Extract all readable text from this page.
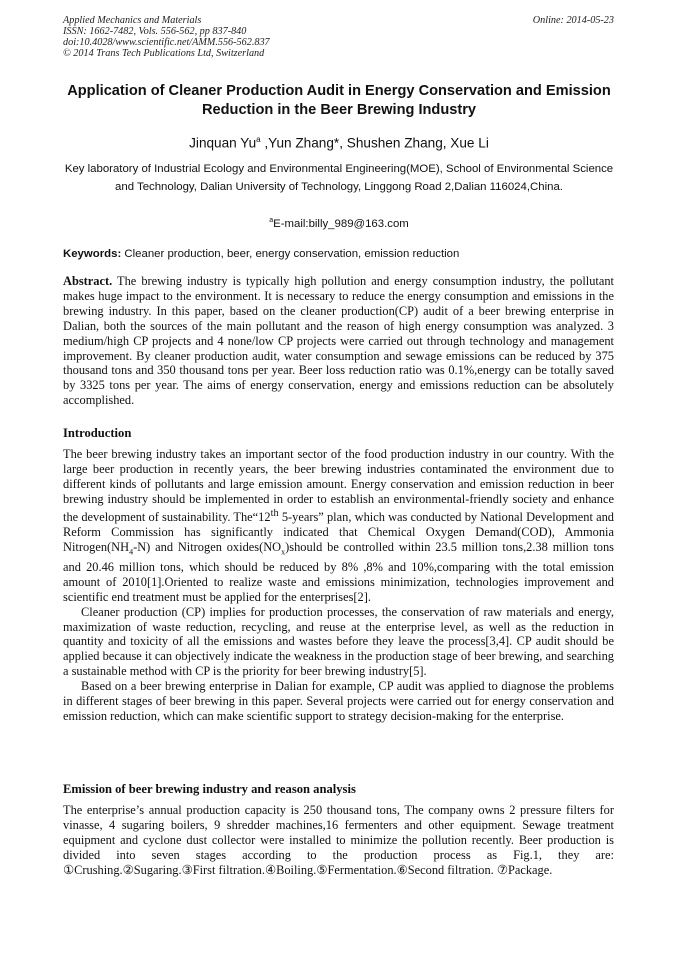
Applied Mechanics and Materials
ISSN: 1662-7482, Vols. 556-562, pp 837-840
doi:10.4028/www.scientific.net/AMM.556-562.837
© 2014 Trans Tech Publications Ltd, Switzerland
Online: 2014-05-23
Application of Cleaner Production Audit in Energy Conservation and Emission Reduction in the Beer Brewing Industry
Jinquan Yu$^a$ ,Yun Zhang*, Shushen Zhang, Xue Li
Key laboratory of Industrial Ecology and Environmental Engineering(MOE), School of Environmental Science and Technology, Dalian University of Technology, Linggong Road 2,Dalian 116024,China.
$^a$E-mail:billy_989@163.com
Keywords: Cleaner production, beer, energy conservation, emission reduction
Abstract. The brewing industry is typically high pollution and energy consumption industry, the pollutant makes huge impact to the environment. It is necessary to reduce the energy consumption and emissions in the brewing industry. In this paper, based on the cleaner production(CP) audit of a beer brewing enterprise in Dalian, both the sources of the main pollutant and the reason of high energy consumption was analyzed. 3 medium/high CP projects and 4 none/low CP projects were carried out through technology and management improvement. By cleaner production audit, water consumption and sewage emissions can be reduced by 375 thousand tons and 350 thousand tons per year. Beer loss reduction ratio was 0.1%,energy can be totally saved by 3325 tons per year. The aims of energy conservation, energy and emissions reduction can be absolutely accomplished.
Introduction

The beer brewing industry takes an important sector of the food production industry in our country. With the large beer production in recently years, the beer brewing industries contaminated the environment due to different kinds of pollutants and large emission amount. Energy conservation and emission reduction in beer brewing industry should be implemented in order to establish an environmental-friendly society and enhance the development of sustainability. The“12th 5-years” plan, which was conducted by National Development and Reform Commission has significantly indicated that Chemical Oxygen Demand(COD), Ammonia $Nitrogen(NH_4-N)$ and Nitrogen $oxides(NO_x)should$ be controlled within 23.5 million tons,2.38 million tons and 20.46 million tons, which should be reduced by 8% ,8% and 10%,comparing with the total emission amount of 2010[1].Oriented to realize waste and emissions minimization, technologies improvement and scientific end treatment must be applied for the enterprises[2].

Cleaner production (CP) implies for production processes, the conservation of raw materials and energy, maximization of waste reduction, recycling, and reuse at the enterprise level, as well as the reduction in quantity and toxicity of all the emissions and wastes before they leave the process[3,4]. CP audit should be applied because it can objectively indicate the weakness in the production stage of beer brewing, and searching a sustainable method with CP is the priority for beer brewing industry[5].

Based on a beer brewing enterprise in Dalian for example, CP audit was applied to diagnose the problems in different stages of beer brewing in this paper. Several projects were carried out for energy conservation and emission reduction, which can make scientific support to strategy decision-making for the enterprise.

Emission of beer brewing industry and reason analysis

The enterprise’s annual production capacity is 250 thousand tons, The company owns 2 pressure filters for vinasse, 4 sugaring boilers, 9 shredder machines,16 fermenters and other equipment. Sewage treatment equipment and cyclone dust collector were installed to minimize the pollution recently. Beer production is divided into seven stages according to the production process as Fig.1, they are: ①Crushing.②Sugaring.③First filtration.④Boiling.⑤Fermentation.⑥Second filtration. ⑦Package.
